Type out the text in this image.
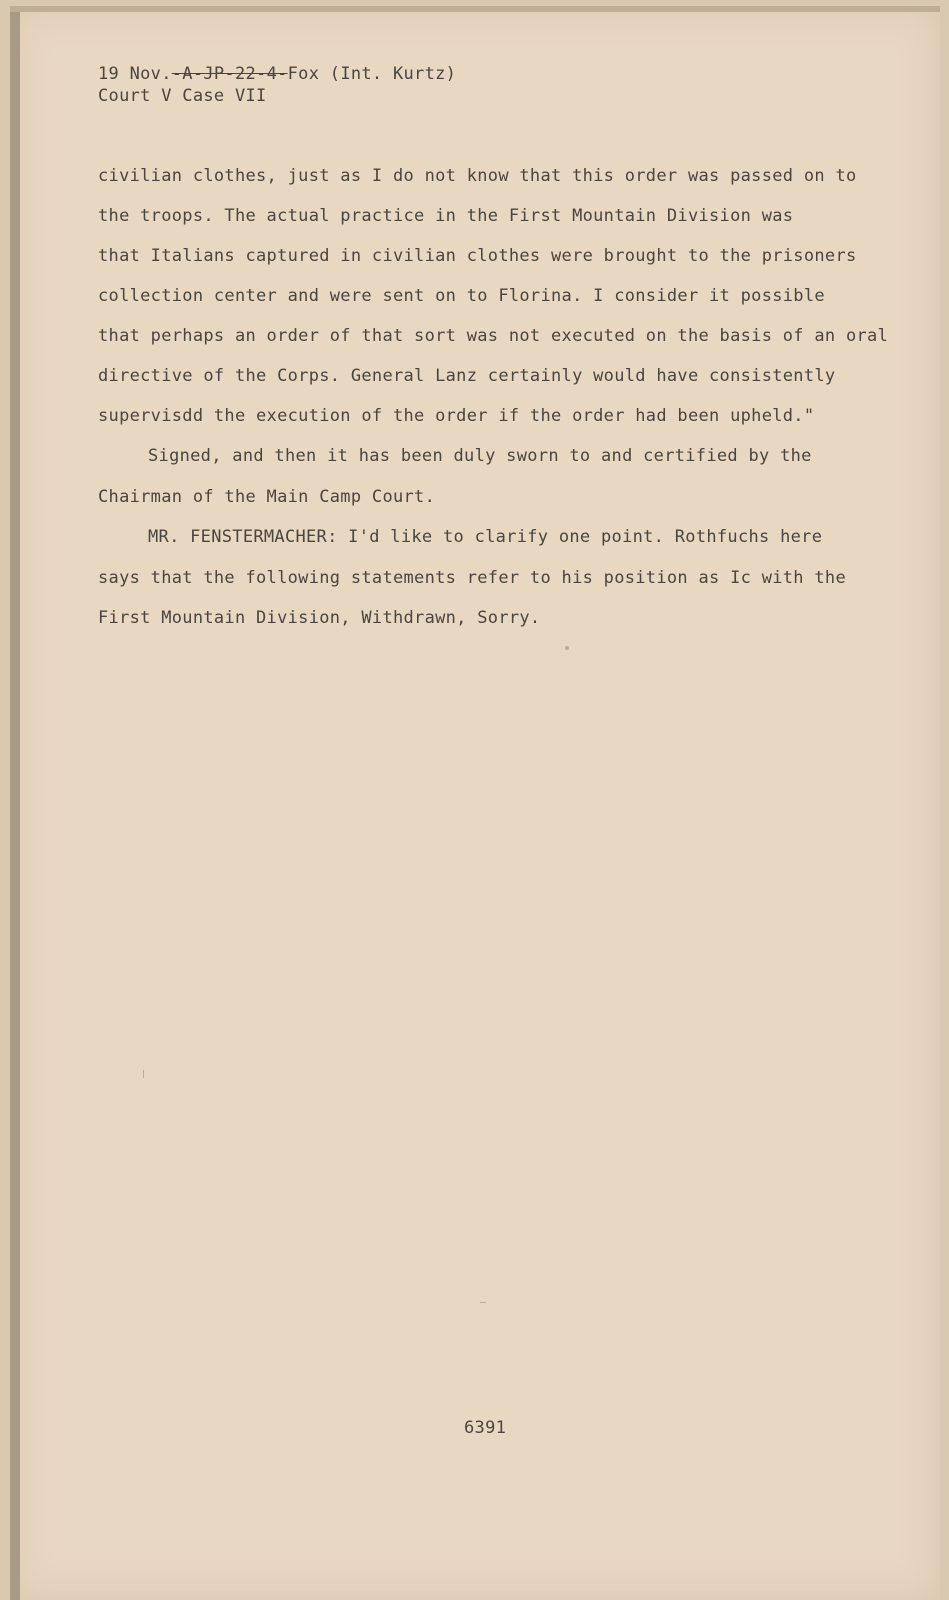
19 Nov.-A-JP-22-4-Fox (Int. Kurtz)
Court V Case VII
civilian clothes, just as I do not know that this order was passed on to
the troops. The actual practice in the First Mountain Division was
that Italians captured in civilian clothes were brought to the prisoners
collection center and were sent on to Florina. I consider it possible
that perhaps an order of that sort was not executed on the basis of an oral
directive of the Corps. General Lanz certainly would have consistently
supervisdd the execution of the order if the order had been upheld."
Signed, and then it has been duly sworn to and certified by the
Chairman of the Main Camp Court.
MR. FENSTERMACHER: I'd like to clarify one point. Rothfuchs here
says that the following statements refer to his position as Ic with the
First Mountain Division, Withdrawn, Sorry.
6391
